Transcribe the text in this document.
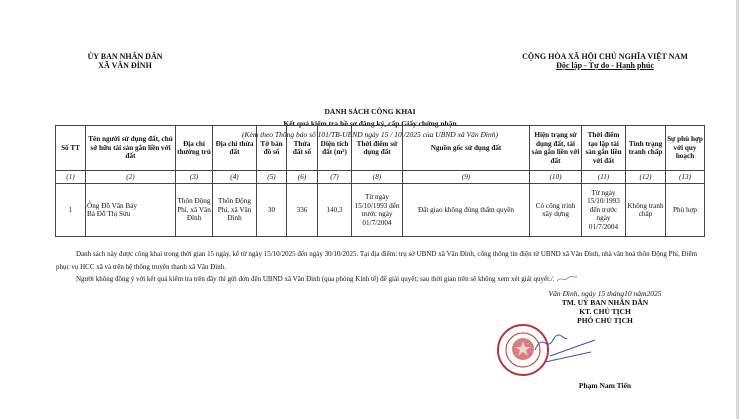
ỦY BAN NHÂN DÂN
XÃ VÂN ĐÌNH
CỘNG HÒA XÃ HỘI CHỦ NGHĨA VIỆT NAM
Độc lập - Tự do - Hạnh phúc
DANH SÁCH CÔNG KHAI
Kết quả kiểm tra hồ sơ đăng ký, cấp Giấy chứng nhận
(Kèm theo Thông báo số 101/TB-UBND ngày 15 / 10 /2025 của UBND xã Vân Đình)
Số TT	Tên người sử dụng đất, chủ sở hữu tài sản gắn liền với đất	Địa chỉ thường trú	Địa chỉ thửa đất	Tờ bản đồ số	Thửa đất số	Diện tích đất (m²)	Thời điểm sử dụng đất	Nguồn gốc sử dụng đất	Hiện trạng sử dụng đất, tài sản gắn liền với đất	Thời điểm tạo lập tài sản gắn liền với đất	Tình trạng tranh chấp	Sự phù hợp với quy hoạch
(1)	(2)	(3)	(4)	(5)	(6)	(7)	(8)	(9)	(10)	(11)	(12)	(13)
1	Ông Đỗ Văn Bảy
Bà Đỗ Thị Sửu	Thôn Động Phí, xã Vân Đình	Thôn Động Phí, xã Vân Đình	30	336	140,3	Từ ngày 15/10/1993 đến trước ngày 01/7/2004	Đất giao không đúng thẩm quyền	Có công trình xây dựng	Từ ngày 15/10/1993 đến trước ngày 01/7/2004	Không tranh chấp	Phù hợp
Danh sách này được công khai trong thời gian 15 ngày, kể từ ngày 15/10/2025 đến ngày 30/10/2025. Tại địa điểm: trụ sở UBND xã Vân Đình, cổng thông tin điện tử UBND xã Vân Đình, nhà văn hoá thôn Động Phí, Điểm phục vụ HCC xã và trên hệ thống truyền thanh xã Vân Đình.
Người không đồng ý với kết quả kiểm tra trên đây thì gửi đơn đến UBND xã Vân Đình (qua phòng Kinh tế) để giải quyết; sau thời gian trên sẽ không xem xét giải quyết./.
Vân Đình, ngày 15 tháng10 năm2025
TM. UỶ BAN NHÂN DÂN
KT. CHỦ TỊCH
PHÓ CHỦ TỊCH
Phạm Nam Tiến
